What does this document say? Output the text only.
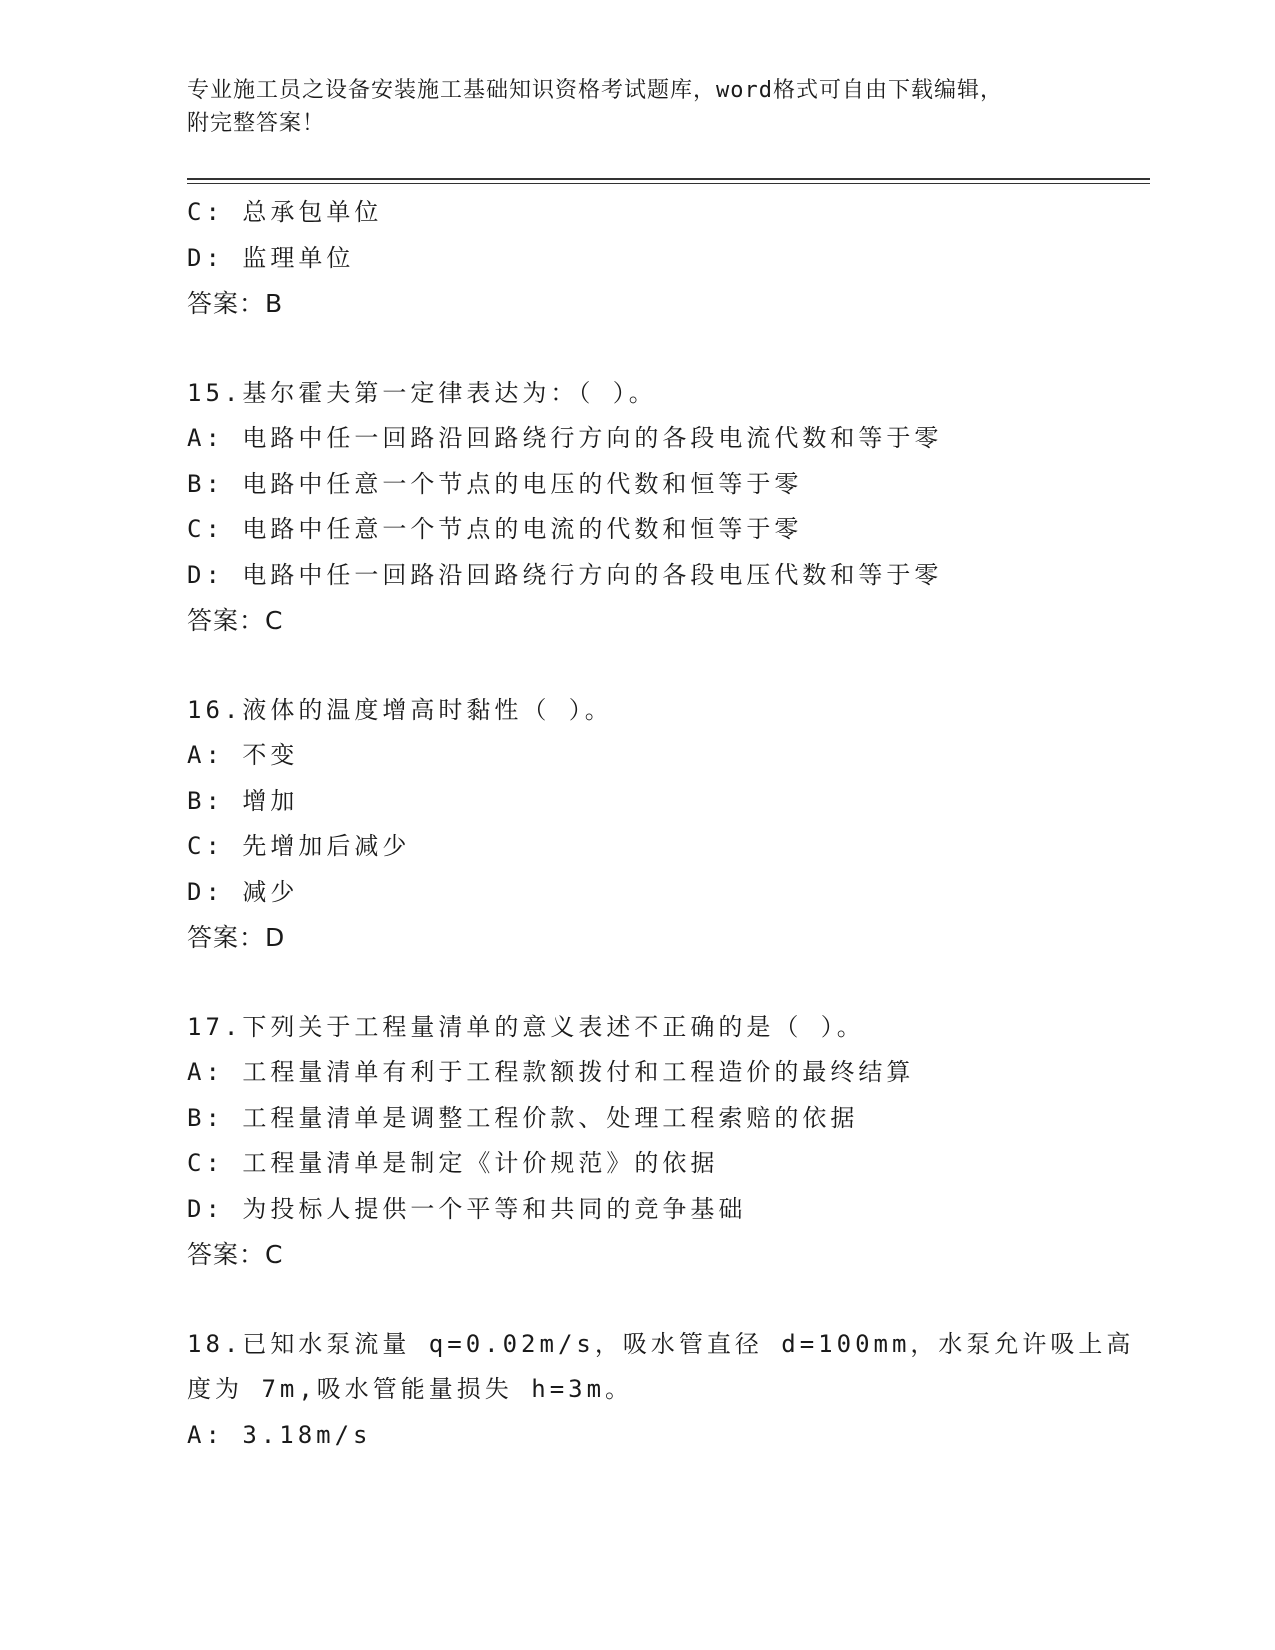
专业施工员之设备安装施工基础知识资格考试题库，word格式可自由下载编辑，
附完整答案！
C: 总承包单位
D: 监理单位
答案：B
15.基尔霍夫第一定律表达为：（ ）。
A: 电路中任一回路沿回路绕行方向的各段电流代数和等于零
B: 电路中任意一个节点的电压的代数和恒等于零
C: 电路中任意一个节点的电流的代数和恒等于零
D: 电路中任一回路沿回路绕行方向的各段电压代数和等于零
答案：C
16.液体的温度增高时黏性（ ）。
A: 不变
B: 增加
C: 先增加后减少
D: 减少
答案：D
17.下列关于工程量清单的意义表述不正确的是（ ）。
A: 工程量清单有利于工程款额拨付和工程造价的最终结算
B: 工程量清单是调整工程价款、处理工程索赔的依据
C: 工程量清单是制定《计价规范》的依据
D: 为投标人提供一个平等和共同的竞争基础
答案：C
18.已知水泵流量 q=0.02m/s，吸水管直径 d=100mm，水泵允许吸上高
度为 7m,吸水管能量损失 h=3m。
A: 3.18m/s
